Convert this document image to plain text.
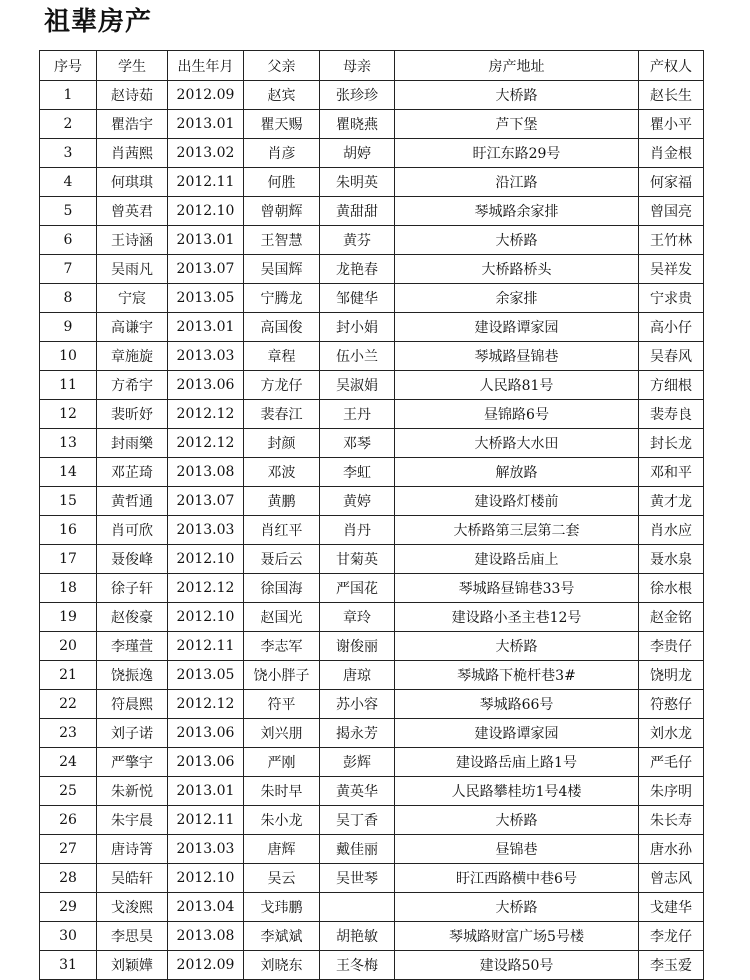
祖辈房产
序号	学生	出生年月	父亲	母亲	房产地址	产权人
1	赵诗茹	2012.09	赵宾	张珍珍	大桥路	赵长生
2	瞿浩宇	2013.01	瞿天赐	瞿晓燕	芦下堡	瞿小平
3	肖茜熙	2013.02	肖彦	胡婷	盱江东路29号	肖金根
4	何琪琪	2012.11	何胜	朱明英	沿江路	何家福
5	曾英君	2012.10	曾朝辉	黄甜甜	琴城路余家排	曾国亮
6	王诗涵	2013.01	王智慧	黄芬	大桥路	王竹林
7	吴雨凡	2013.07	吴国辉	龙艳春	大桥路桥头	吴祥发
8	宁宸	2013.05	宁腾龙	邹健华	余家排	宁求贵
9	高谦宇	2013.01	高国俊	封小娟	建设路谭家园	高小仔
10	章施旋	2013.03	章程	伍小兰	琴城路昼锦巷	吴春风
11	方希宇	2013.06	方龙仔	吴淑娟	人民路81号	方细根
12	裴昕妤	2012.12	裴春江	王丹	昼锦路6号	裴寿良
13	封雨樂	2012.12	封颜	邓琴	大桥路大水田	封长龙
14	邓芷琦	2013.08	邓波	李虹	解放路	邓和平
15	黄哲通	2013.07	黄鹏	黄婷	建设路灯楼前	黄才龙
16	肖可欣	2013.03	肖红平	肖丹	大桥路第三层第二套	肖水应
17	聂俊峰	2012.10	聂后云	甘菊英	建设路岳庙上	聂水泉
18	徐子轩	2012.12	徐国海	严国花	琴城路昼锦巷33号	徐水根
19	赵俊豪	2012.10	赵国光	章玲	建设路小圣主巷12号	赵金铭
20	李瑾萱	2012.11	李志军	谢俊丽	大桥路	李贵仔
21	饶振逸	2013.05	饶小胖子	唐琼	琴城路下桅杆巷3#	饶明龙
22	符晨熙	2012.12	符平	苏小容	琴城路66号	符憨仔
23	刘子诺	2013.06	刘兴朋	揭永芳	建设路谭家园	刘水龙
24	严擎宇	2013.06	严刚	彭辉	建设路岳庙上路1号	严毛仔
25	朱新悦	2013.01	朱时早	黄英华	人民路攀桂坊1号4楼	朱序明
26	朱宇晨	2012.11	朱小龙	吴丁香	大桥路	朱长寿
27	唐诗箐	2013.03	唐辉	戴佳丽	昼锦巷	唐水孙
28	吴皓轩	2012.10	吴云	吴世琴	盱江西路横中巷6号	曾志风
29	戈浚熙	2013.04	戈玮鹏		大桥路	戈建华
30	李思昊	2013.08	李斌斌	胡艳敏	琴城路财富广场5号楼	李龙仔
31	刘颖嬅	2012.09	刘晓东	王冬梅	建设路50号	李玉爱
